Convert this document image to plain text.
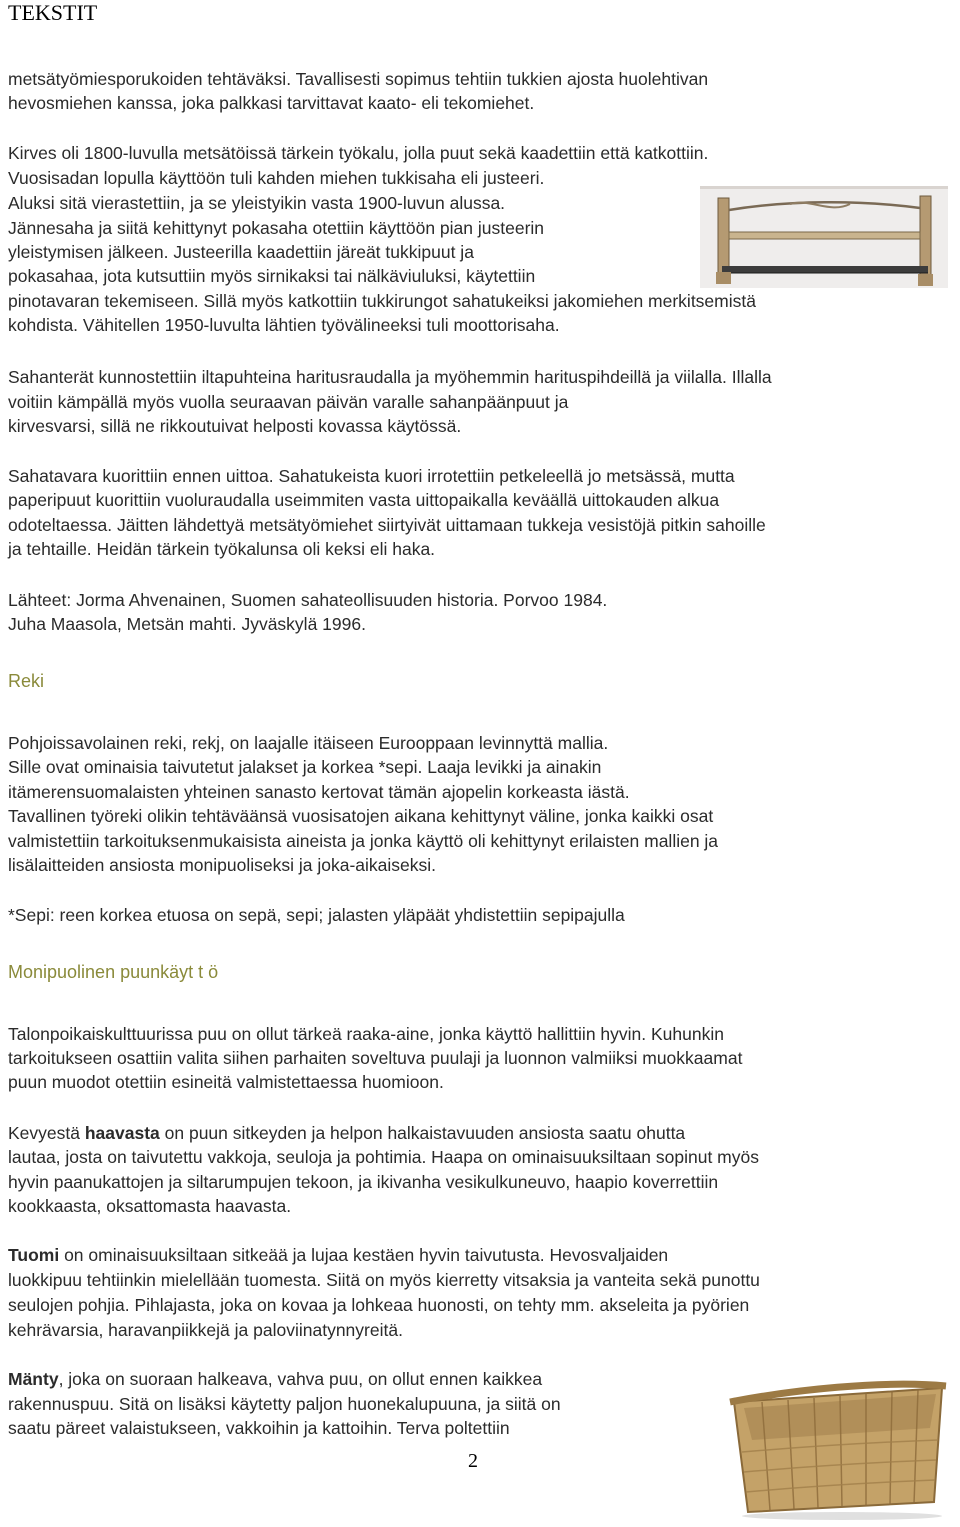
TEKSTIT
metsätyömiesporukoiden tehtäväksi. Tavallisesti sopimus tehtiin tukkien ajosta huolehtivan
hevosmiehen kanssa, joka palkkasi tarvittavat kaato- eli tekomiehet.
Kirves oli 1800-luvulla metsätöissä tärkein työkalu, jolla puut sekä kaadettiin että katkottiin.
Vuosisadan lopulla käyttöön tuli kahden miehen tukkisaha eli justeeri.
Aluksi sitä vierastettiin, ja se yleistyikin vasta 1900-luvun alussa.
Jännesaha ja siitä kehittynyt pokasaha otettiin käyttöön pian justeerin
yleistymisen jälkeen. Justeerilla kaadettiin järeät tukkipuut ja
pokasahaa, jota kutsuttiin myös sirnikaksi tai nälkäviuluksi, käytettiin
pinotavaran tekemiseen. Sillä myös katkottiin tukkirungot sahatukeiksi jakomiehen merkitsemistä
kohdista. Vähitellen 1950-luvulta lähtien työvälineeksi tuli moottorisaha.
Sahanterät kunnostettiin iltapuhteina haritusraudalla ja myöhemmin harituspihdeillä ja viilalla. Illalla
voitiin kämpällä myös vuolla seuraavan päivän varalle sahanpäänpuut ja
kirvesvarsi, sillä ne rikkoutuivat helposti kovassa käytössä.
Sahatavara kuorittiin ennen uittoa. Sahatukeista kuori irrotettiin petkeleellä jo metsässä, mutta
paperipuut kuorittiin vuoluraudalla useimmiten vasta uittopaikalla keväällä uittokauden alkua
odoteltaessa. Jäitten lähdettyä metsätyömiehet siirtyivät uittamaan tukkeja vesistöjä pitkin sahoille
ja tehtaille. Heidän tärkein työkalunsa oli keksi eli haka.
Lähteet: Jorma Ahvenainen, Suomen sahateollisuuden historia. Porvoo 1984.
Juha Maasola, Metsän mahti. Jyväskylä 1996.
Reki
Pohjoissavolainen reki, rekj, on laajalle itäiseen Eurooppaan levinnyttä mallia.
Sille ovat ominaisia taivutetut jalakset ja korkea *sepi. Laaja levikki ja ainakin
itämerensuomalaisten yhteinen sanasto kertovat tämän ajopelin korkeasta iästä.
Tavallinen työreki olikin tehtäväänsä vuosisatojen aikana kehittynyt väline, jonka kaikki osat
valmistettiin tarkoituksenmukaisista aineista ja jonka käyttö oli kehittynyt erilaisten mallien ja
lisälaitteiden ansiosta monipuoliseksi ja joka-aikaiseksi.
*Sepi: reen korkea etuosa on sepä, sepi; jalasten yläpäät yhdistettiin sepipajulla
Monipuolinen puunkäyt t ö
Talonpoikaiskulttuurissa puu on ollut tärkeä raaka-aine, jonka käyttö hallittiin hyvin. Kuhunkin
tarkoitukseen osattiin valita siihen parhaiten soveltuva puulaji ja luonnon valmiiksi muokkaamat
puun muodot otettiin esineitä valmistettaessa huomioon.
Kevyestä haavasta on puun sitkeyden ja helpon halkaistavuuden ansiosta saatu ohutta
lautaa, josta on taivutettu vakkoja, seuloja ja pohtimia. Haapa on ominaisuuksiltaan sopinut myös
hyvin paanukattojen ja siltarumpujen tekoon, ja ikivanha vesikulkuneuvo, haapio koverrettiin
kookkaasta, oksattomasta haavasta.
Tuomi on ominaisuuksiltaan sitkeää ja lujaa kestäen hyvin taivutusta. Hevosvaljaiden
luokkipuu tehtiinkin mielellään tuomesta. Siitä on myös kierretty vitsaksia ja vanteita sekä punottu
seulojen pohjia. Pihlajasta, joka on kovaa ja lohkeaa huonosti, on tehty mm. akseleita ja pyörien
kehrävarsia, haravanpiikkejä ja paloviinatynnyreitä.
Mänty, joka on suoraan halkeava, vahva puu, on ollut ennen kaikkea
rakennuspuu. Sitä on lisäksi käytetty paljon huonekalupuuna, ja siitä on
saatu päreet valaistukseen, vakkoihin ja kattoihin. Terva poltettiin
2
